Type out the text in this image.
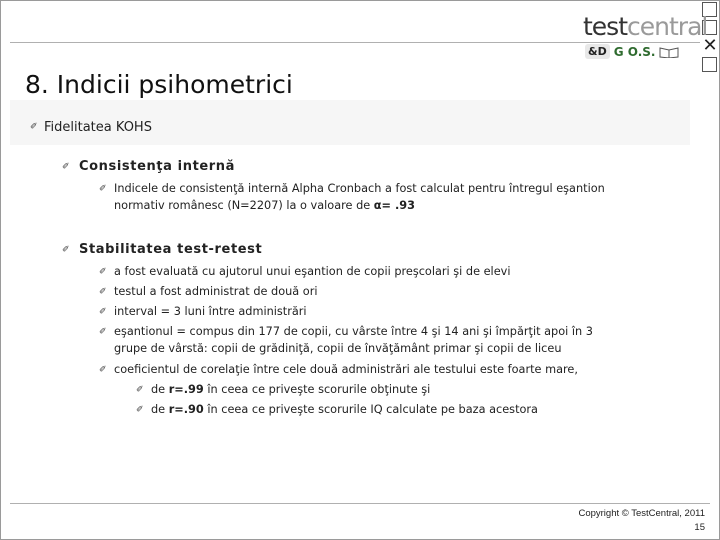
✕
testcentral
&D G O.S.
8. Indicii psihometrici
✐ Fidelitatea KOHS
✐ Consistenţa internă
✐ Indicele de consistenţă internă Alpha Cronbach a fost calculat pentru întregul eşantion
normativ românesc (N=2207) la o valoare de α= .93
✐ Stabilitatea test-retest
✐ a fost evaluată cu ajutorul unui eşantion de copii preşcolari şi de elevi
✐ testul a fost administrat de două ori
✐ interval = 3 luni între administrări
✐ eşantionul = compus din 177 de copii, cu vârste între 4 şi 14 ani şi împărţit apoi în 3
grupe de vârstă: copii de grădiniţă, copii de învăţământ primar şi copii de liceu
✐ coeficientul de corelaţie între cele două administrări ale testului este foarte mare,
✐ de r=.99 în ceea ce priveşte scorurile obţinute şi
✐ de r=.90 în ceea ce priveşte scorurile IQ calculate pe baza acestora
Copyright © TestCentral, 2011
15
